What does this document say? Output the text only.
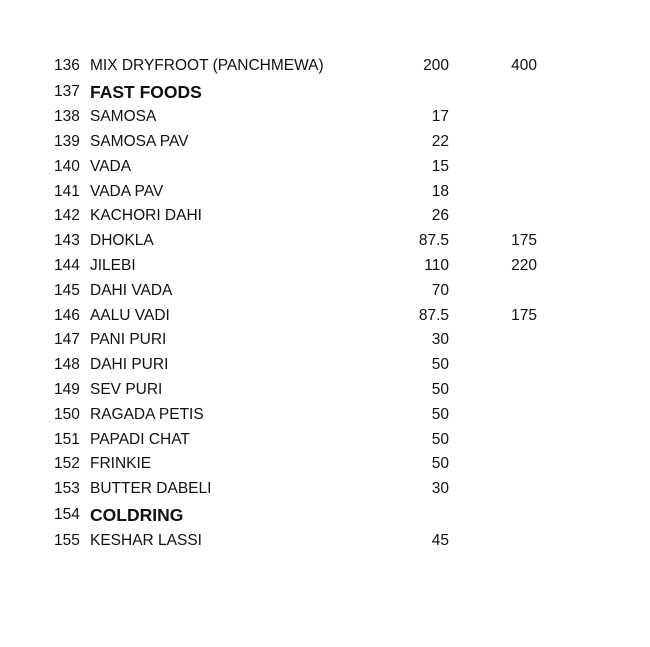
136 MIX DRYFROOT (PANCHMEWA)	200	400
137 FAST FOODS
138 SAMOSA	17
139 SAMOSA PAV	22
140 VADA	15
141 VADA PAV	18
142 KACHORI DAHI	26
143 DHOKLA	87.5	175
144 JILEBI	110	220
145 DAHI VADA	70
146 AALU VADI	87.5	175
147 PANI PURI	30
148 DAHI PURI	50
149 SEV PURI	50
150 RAGADA PETIS	50
151 PAPADI CHAT	50
152 FRINKIE	50
153 BUTTER DABELI	30
154 COLDRING
155 KESHAR LASSI	45
